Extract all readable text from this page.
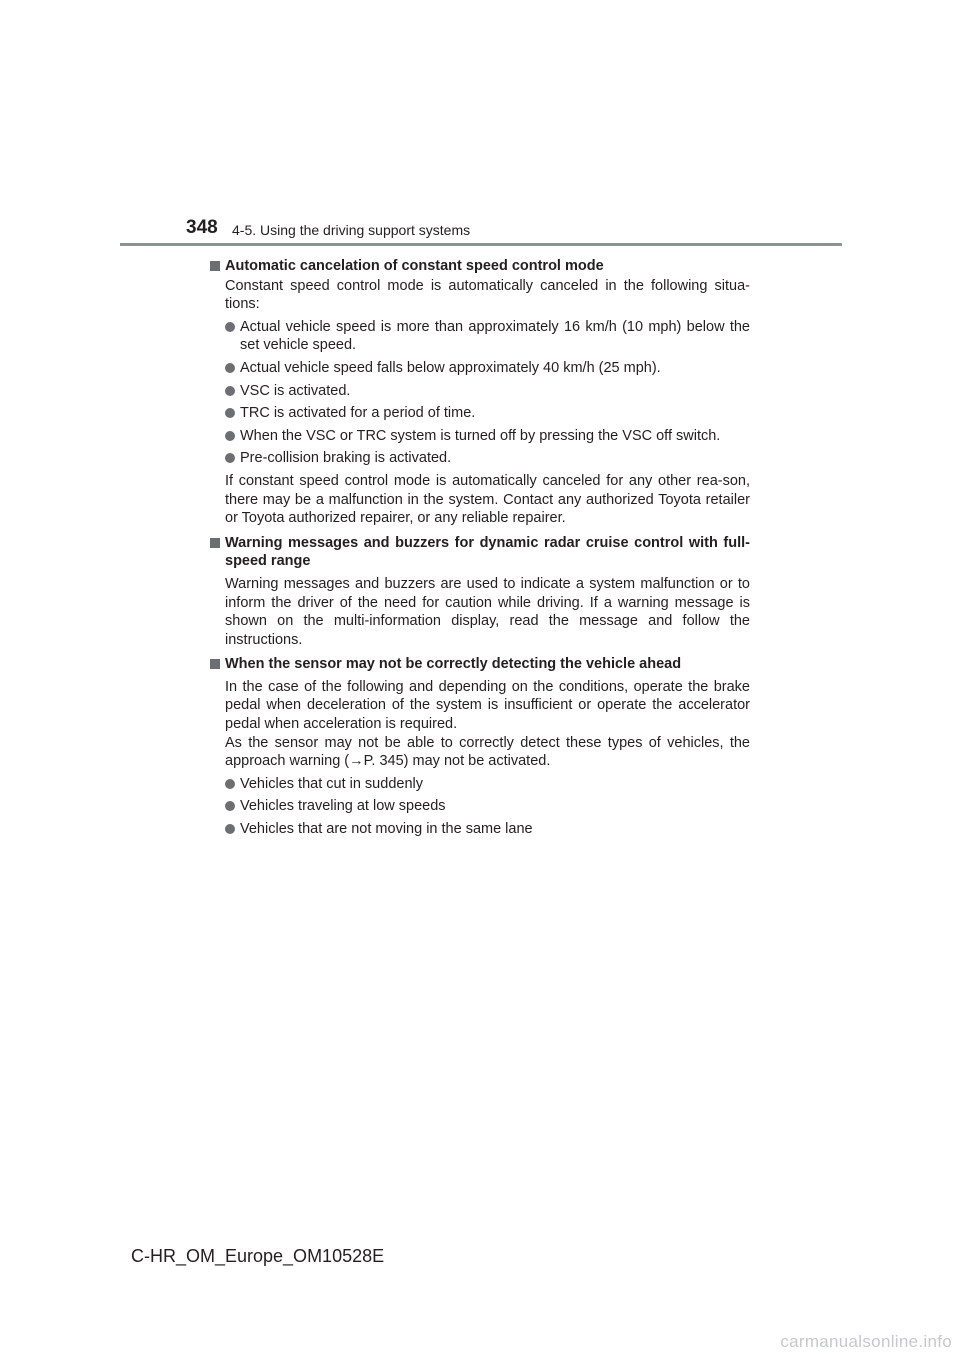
348 4-5. Using the driving support systems
Automatic cancelation of constant speed control mode
Constant speed control mode is automatically canceled in the following situa-tions:
Actual vehicle speed is more than approximately 16 km/h (10 mph) below the set vehicle speed.
Actual vehicle speed falls below approximately 40 km/h (25 mph).
VSC is activated.
TRC is activated for a period of time.
When the VSC or TRC system is turned off by pressing the VSC off switch.
Pre-collision braking is activated.
If constant speed control mode is automatically canceled for any other rea-son, there may be a malfunction in the system. Contact any authorized Toyota retailer or Toyota authorized repairer, or any reliable repairer.
Warning messages and buzzers for dynamic radar cruise control with full-speed range
Warning messages and buzzers are used to indicate a system malfunction or to inform the driver of the need for caution while driving. If a warning message is shown on the multi-information display, read the message and follow the instructions.
When the sensor may not be correctly detecting the vehicle ahead
In the case of the following and depending on the conditions, operate the brake pedal when deceleration of the system is insufficient or operate the accelerator pedal when acceleration is required.
As the sensor may not be able to correctly detect these types of vehicles, the approach warning (→P. 345) may not be activated.
Vehicles that cut in suddenly
Vehicles traveling at low speeds
Vehicles that are not moving in the same lane
C-HR_OM_Europe_OM10528E
carmanualsonline.info
